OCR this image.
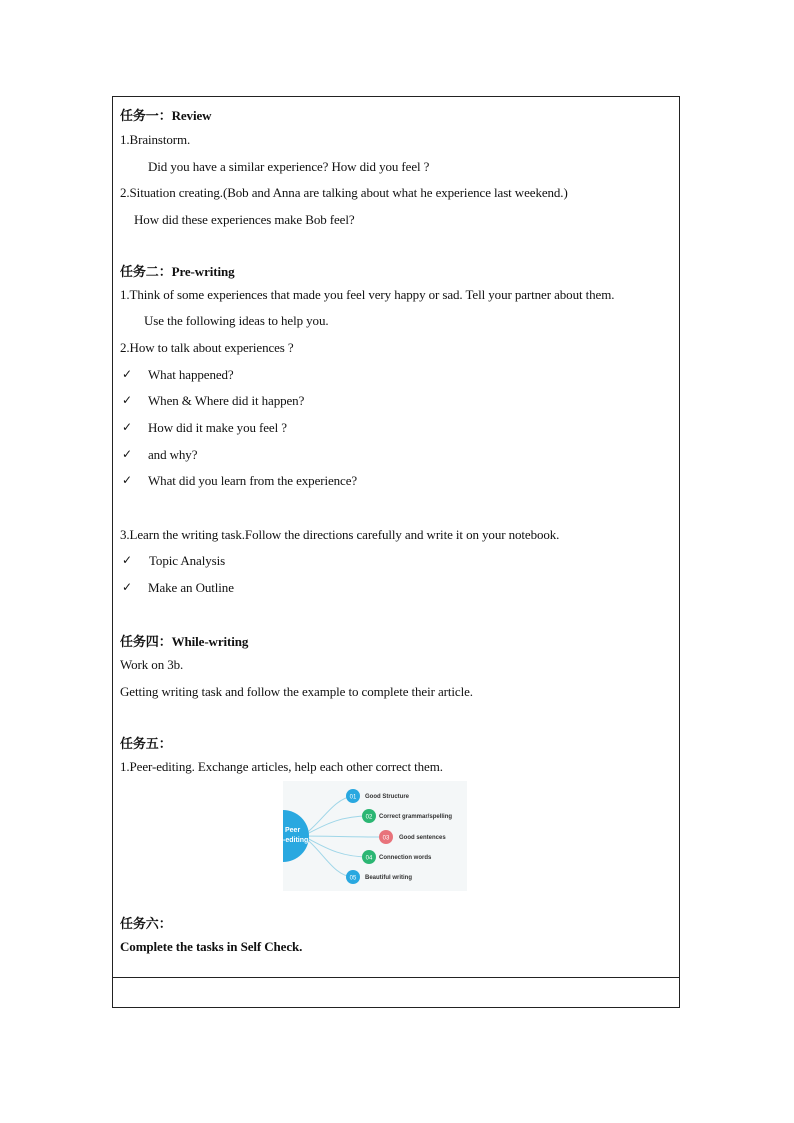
任务一：Review
1.Brainstorm.
Did you have a similar experience? How did you feel ?
2.Situation creating.(Bob and Anna are talking about what he experience last weekend.)
How did these experiences make Bob feel?
任务二：Pre-writing
1.Think of some experiences that made you feel very happy or sad. Tell your partner about them.
Use the following ideas to help you.
2.How to talk about experiences ?
✓ What happened?
✓ When & Where did it happen?
✓ How did it make you feel ?
✓ and why?
✓ What did you learn from the experience?
3.Learn the writing task.Follow the directions carefully and write it on your notebook.
✓ Topic Analysis
✓ Make an Outline
任务四：While-writing
Work on 3b.
Getting writing task and follow the example to complete their article.
任务五：
1.Peer-editing. Exchange articles, help each other correct them.
Peer
-editing
01 Good Structure
02 Correct grammar/spelling
03 Good sentences
04 Connection words
05 Beautiful writing
任务六：
Complete the tasks in Self Check.
